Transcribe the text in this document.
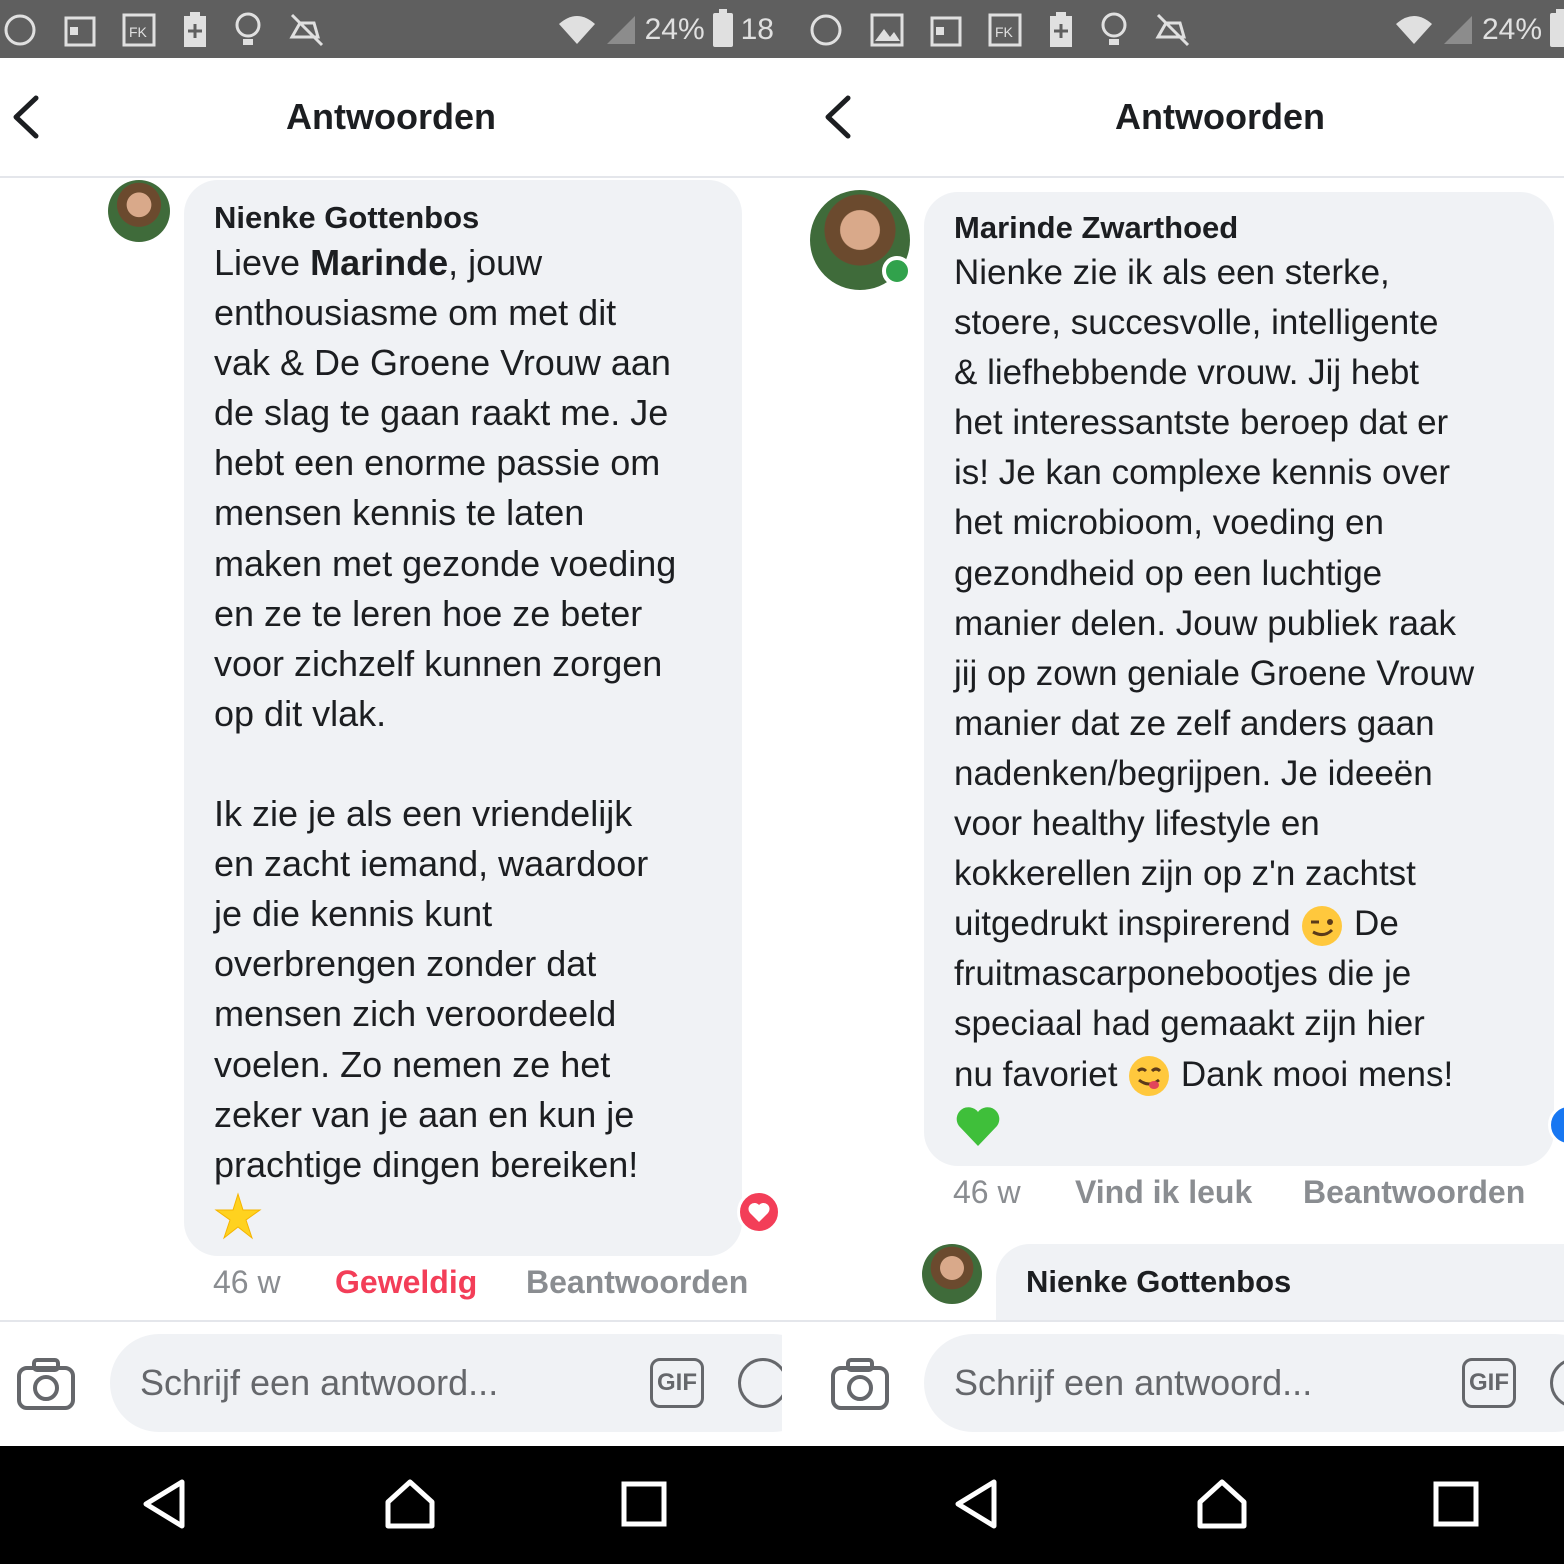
FK	24% 18
Antwoorden
Nienke Gottenbos
Lieve Marinde, jouw
enthousiasme om met dit
vak & De Groene Vrouw aan
de slag te gaan raakt me. Je
hebt een enorme passie om
mensen kennis te laten
maken met gezonde voeding
en ze te leren hoe ze beter
voor zichzelf kunnen zorgen
op dit vlak.

Ik zie je als een vriendelijk
en zacht iemand, waardoor
je die kennis kunt
overbrengen zonder dat
mensen zich veroordeeld
voelen. Zo nemen ze het
zeker van je aan en kun je
prachtige dingen bereiken!
46 w Geweldig Beantwoorden
Schrijf een antwoord...
GIF
FK	24%
Antwoorden
Marinde Zwarthoed
Nienke zie ik als een sterke,
stoere, succesvolle, intelligente
& liefhebbende vrouw. Jij hebt
het interessantste beroep dat er
is! Je kan complexe kennis over
het microbioom, voeding en
gezondheid op een luchtige
manier delen. Jouw publiek raak
jij op zown geniale Groene Vrouw
manier dat ze zelf anders gaan
nadenken/begrijpen. Je ideeën
voor healthy lifestyle en
kokkerellen zijn op z'n zachtst
uitgedrukt inspirerend  De
fruitmascarponebootjes die je
speciaal had gemaakt zijn hier
nu favoriet  Dank mooi mens!

46 w Vind ik leuk Beantwoorden
Nienke Gottenbos
Schrijf een antwoord...
GIF
